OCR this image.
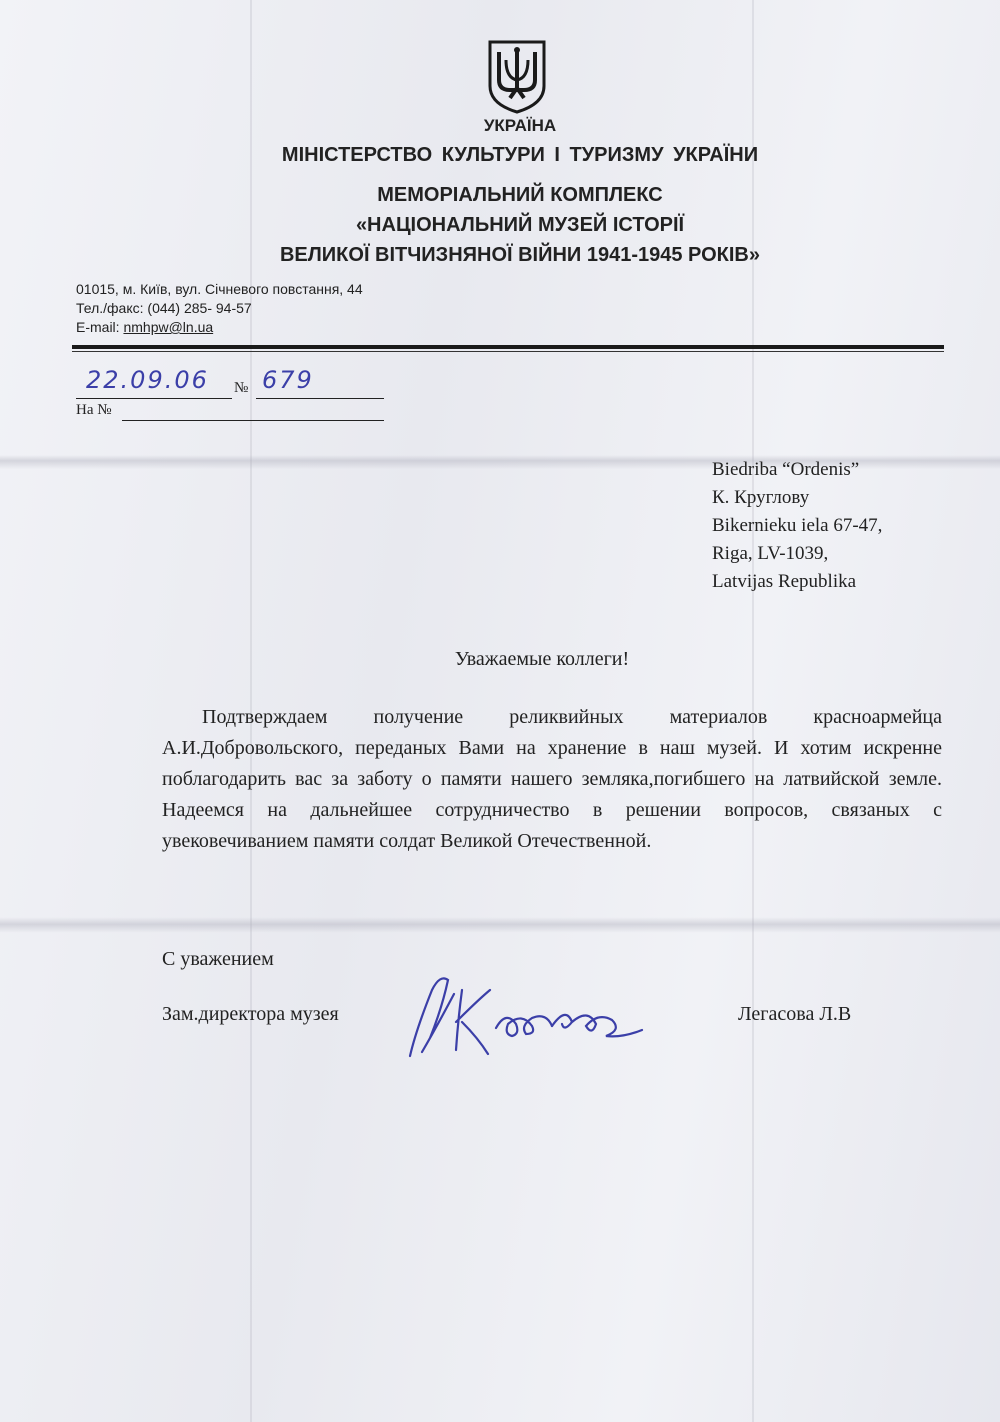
УКРАЇНА
МІНІСТЕРСТВО КУЛЬТУРИ І ТУРИЗМУ УКРАЇНИ
МЕМОРІАЛЬНИЙ КОМПЛЕКС
«НАЦІОНАЛЬНИЙ МУЗЕЙ ІСТОРІЇ
ВЕЛИКОЇ ВІТЧИЗНЯНОЇ ВІЙНИ 1941-1945 РОКІВ»
01015, м. Київ, вул. Січневого повстання, 44
Тел./факс: (044) 285- 94-57
E-mail: nmhpw@ln.ua
22.09.06 № 679
На №
Biedriba “Ordenis”
К. Круглову
Bikernieku iela 67-47,
Riga, LV-1039,
Latvijas Republika
Уважаемые коллеги!
Подтверждаем получение реликвийных материалов красноармейца А.И.Добровольского, переданых Вами на хранение в наш музей. И хотим искренне поблагодарить вас за заботу о памяти нашего земляка,погибшего на латвийской земле. Надеемся на дальнейшее сотрудничество в решении вопросов, связаных с увековечиванием памяти солдат Великой Отечественной.
С уважением
Зам.директора музея	Легасова Л.В
